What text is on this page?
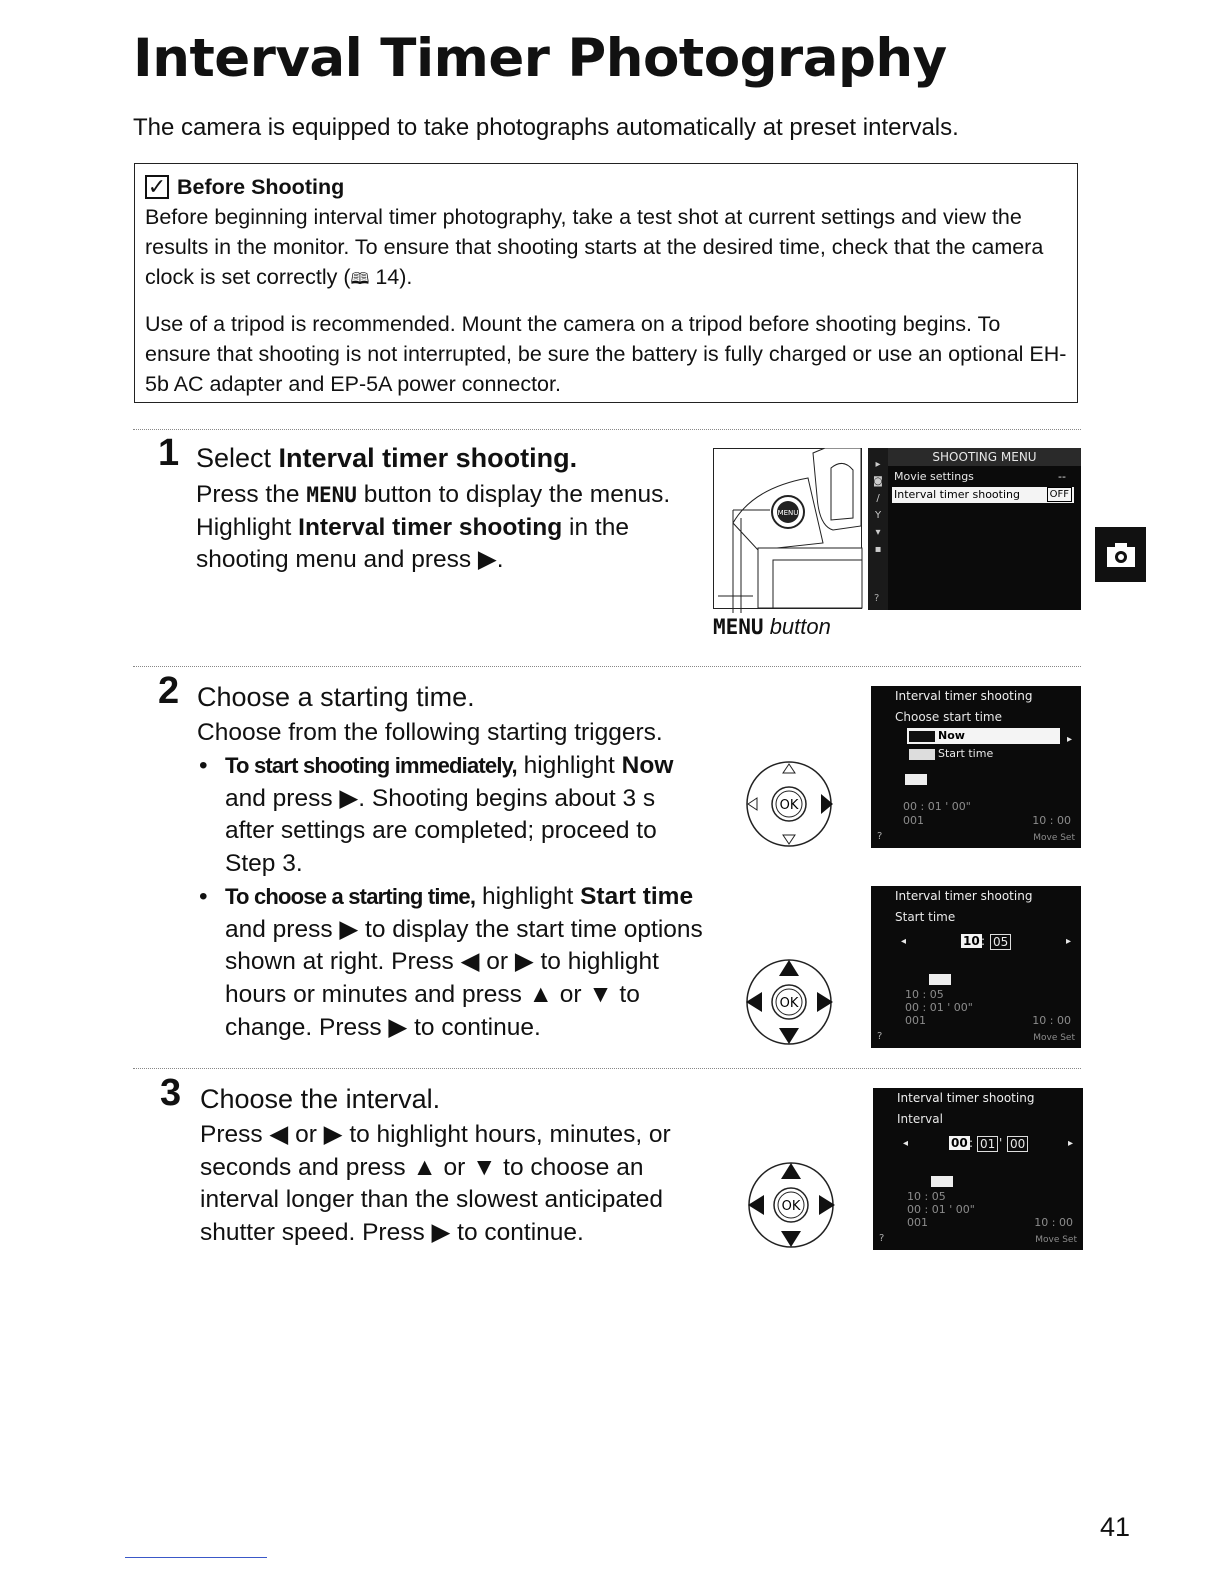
Interval Timer Photography
The camera is equipped to take photographs automatically at preset intervals.
✓ Before Shooting

Before beginning interval timer photography, take a test shot at current settings and view the results in the monitor. To ensure that shooting starts at the desired time, check that the camera clock is set correctly (🕮 14).

Use of a tripod is recommended. Mount the camera on a tripod before shooting begins. To ensure that shooting is not interrupted, be sure the battery is fully charged or use an optional EH-5b AC adapter and EP-5A power connector.

1 Select Interval timer shooting.
Press the MENU button to display the menus.
Highlight Interval timer shooting in the
shooting menu and press ▶.
MENU
MENU button
▸
◙
/
Y
▾
▪
SHOOTING MENU
Movie settings	--
Interval timer shooting	OFF
?
2 Choose a starting time.
Choose from the following starting triggers.
• To start shooting immediately, highlight Now
and press ▶. Shooting begins about 3 s after settings are completed; proceed to Step 3.
• To choose a starting time, highlight Start time
and press ▶ to display the start time options shown at right. Press ◀ or ▶ to highlight hours or minutes and press ▲ or ▼ to change. Press ▶ to continue.
OK
Interval timer shooting
Choose start time
Now
Start time
▸
00 : 01 ' 00"
001	10 : 00
Move Set
?
OK
Interval timer shooting
Start time
◂	▸
10 : 05
10 : 05
00 : 01 ' 00"
001	10 : 00
Move Set
?
3 Choose the interval.
Press ◀ or ▶ to highlight hours, minutes, or seconds and press ▲ or ▼ to choose an interval longer than the slowest anticipated shutter speed. Press ▶ to continue.
OK
Interval timer shooting
Interval
◂	▸
00 : 01 ' 00
10 : 05
00 : 01 ' 00"
001	10 : 00
Move Set
?
41
